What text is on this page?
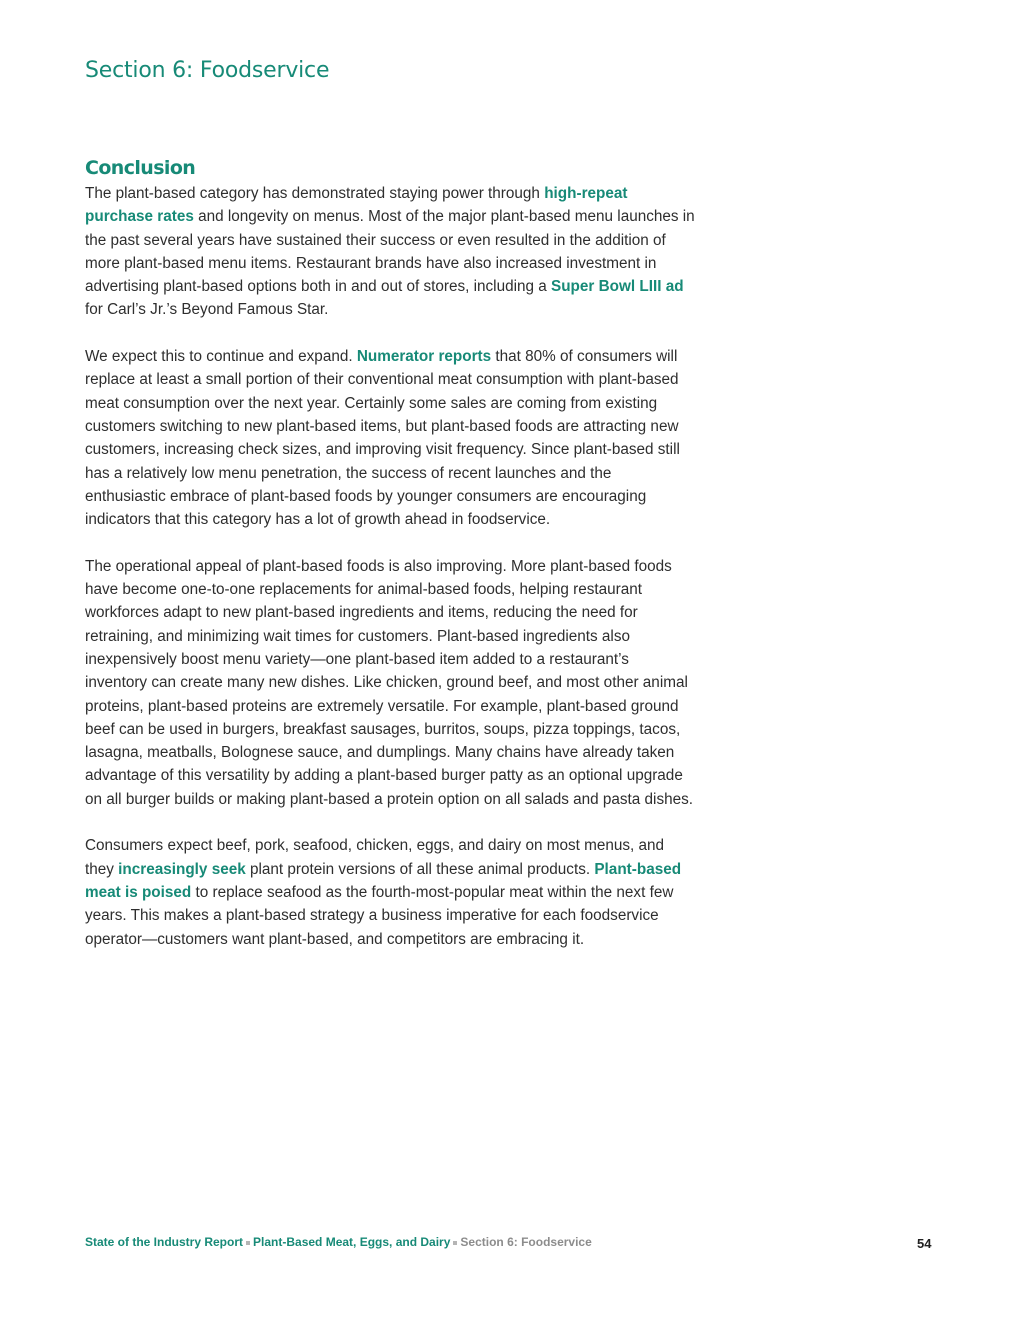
Section 6: Foodservice
Conclusion

The plant-based category has demonstrated staying power through high-repeat purchase rates and longevity on menus. Most of the major plant-based menu launches in the past several years have sustained their success or even resulted in the addition of more plant-based menu items. Restaurant brands have also increased investment in advertising plant-based options both in and out of stores, including a Super Bowl LIII ad for Carl’s Jr.’s Beyond Famous Star.

We expect this to continue and expand. Numerator reports that 80% of consumers will replace at least a small portion of their conventional meat consumption with plant-based meat consumption over the next year. Certainly some sales are coming from existing customers switching to new plant-based items, but plant-based foods are attracting new customers, increasing check sizes, and improving visit frequency. Since plant-based still has a relatively low menu penetration, the success of recent launches and the enthusiastic embrace of plant-based foods by younger consumers are encouraging indicators that this category has a lot of growth ahead in foodservice.

The operational appeal of plant-based foods is also improving. More plant-based foods have become one-to-one replacements for animal-based foods, helping restaurant workforces adapt to new plant-based ingredients and items, reducing the need for retraining, and minimizing wait times for customers. Plant-based ingredients also inexpensively boost menu variety—one plant-based item added to a restaurant’s inventory can create many new dishes. Like chicken, ground beef, and most other animal proteins, plant-based proteins are extremely versatile. For example, plant-based ground beef can be used in burgers, breakfast sausages, burritos, soups, pizza toppings, tacos, lasagna, meatballs, Bolognese sauce, and dumplings. Many chains have already taken advantage of this versatility by adding a plant-based burger patty as an optional upgrade on all burger builds or making plant-based a protein option on all salads and pasta dishes.

Consumers expect beef, pork, seafood, chicken, eggs, and dairy on most menus, and they increasingly seek plant protein versions of all these animal products. Plant-based meat is poised to replace seafood as the fourth-most-popular meat within the next few years. This makes a plant-based strategy a business imperative for each foodservice operator—customers want plant-based, and competitors are embracing it.

State of the Industry Report Plant-Based Meat, Eggs, and Dairy Section 6: Foodservice	54
